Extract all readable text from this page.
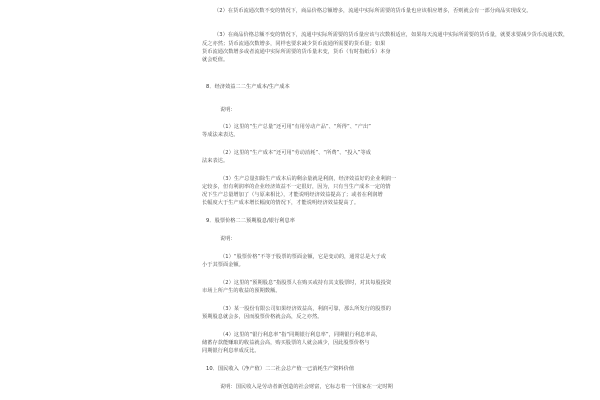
（2）在货币流通次数不变的情况下，商品价格总额增多，流通中实际所需要的货币量也应该相应增多，否则就会有一部分商品实现成交。
（3）在商品价格总额不变的情况下，流通中实际所需要的货币量应该与次数相适应，如果每天流通中实际所需要的货币量，就要求要减少货币流通次数，
反之亦然；货币流通次数增多，同样也要求减少货币流通所需要的货币量；如果
货币流通次数增多或者流通中实际所需要的货币量未变，货币（有时指纸币）本身
就会贬值。
8．经济效益二二生产成本/生产成本
说明：
（1）这里的“生产总量”还可用“有用劳动产品”、“所得”、“产出”
等成法来表达。
（2）这里的“生产成本”还可用“劳动消耗”、“所费”、“投入”等成
法来表达。
（3）生产总量扣除生产成本后的剩余量就是利润，经济效益好的企业利润一
定较多，但有利润率的企业经济效益不一定很好，因为，只有当生产成本一定的情
况下生产总量增加了（与原来相比），才能说明经济效益提高了；或者在利润增
长幅度大于生产成本增长幅度的情况下，才能说明经济效益提高了。
9．股票价格二二预期股息/银行利息率
说明：
（1）“股票价格”不等于股票的票面金额，它是变动的，通常总是大于或
小于其票面金额。
（2）这里的“预期股息”指股票人在购买或持有其支股票时，对其每股投资
市场上所产生的收益的预期数额。
（3）某一股份有限公司如果经济效益高，利润可靠，那么所发行的股票的
预期股息就会多，因而股票价格就会高，反之亦然。
（4）这里的“银行利息率”指“同期银行利息率”，同期银行利息率高，
储蓄存款能赚取的收益就会高，购买股票的人就会减少，因此股票价格与
同期银行利息率成反比。
10．国民收入（净产值）二二社会总产值一已消耗生产资料价值
说明：国民收入是劳动者新创造的社会财富，它标志着一个国家在一定时期
